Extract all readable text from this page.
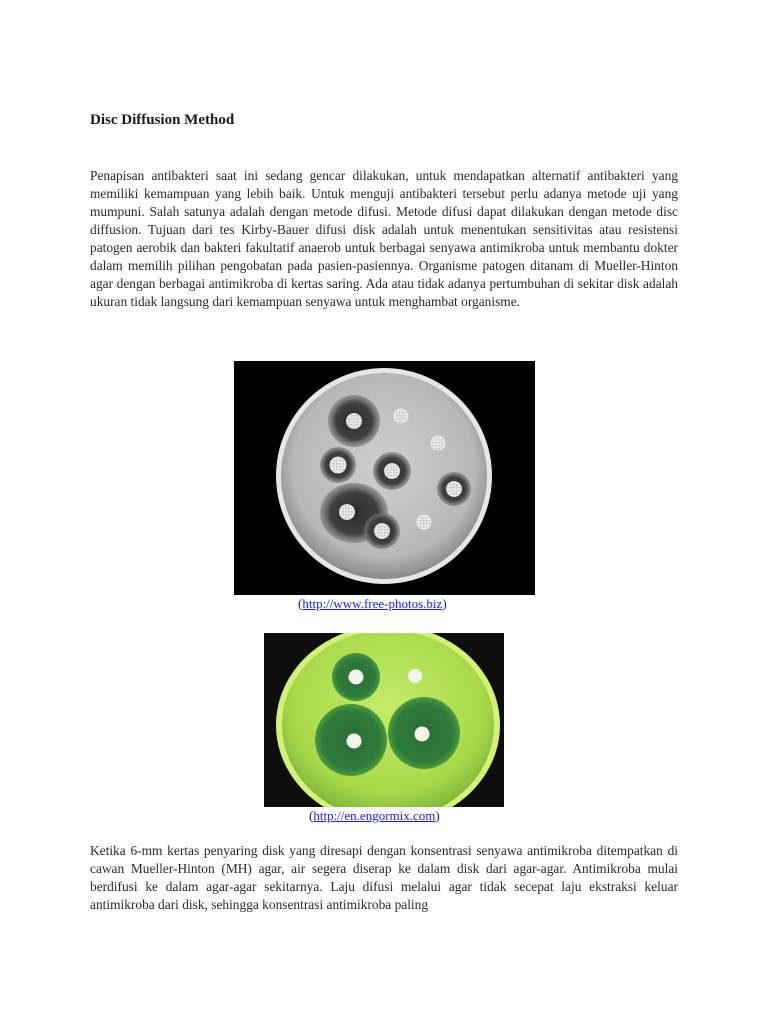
Disc Diffusion Method

Penapisan antibakteri saat ini sedang gencar dilakukan, untuk mendapatkan alternatif antibakteri yang memiliki kemampuan yang lebih baik. Untuk menguji antibakteri tersebut perlu adanya metode uji yang mumpuni. Salah satunya adalah dengan metode difusi. Metode difusi dapat dilakukan dengan metode disc diffusion. Tujuan dari tes Kirby-Bauer difusi disk adalah untuk menentukan sensitivitas atau resistensi patogen aerobik dan bakteri fakultatif anaerob untuk berbagai senyawa antimikroba untuk membantu dokter dalam memilih pilihan pengobatan pada pasien-pasiennya. Organisme patogen ditanam di Mueller-Hinton agar dengan berbagai antimikroba di kertas saring. Ada atau tidak adanya pertumbuhan di sekitar disk adalah ukuran tidak langsung dari kemampuan senyawa untuk menghambat organisme.

(http://www.free-photos.biz)
(http://en.engormix.com)

Ketika 6-mm kertas penyaring disk yang diresapi dengan konsentrasi senyawa antimikroba ditempatkan di cawan Mueller-Hinton (MH) agar, air segera diserap ke dalam disk dari agar-agar. Antimikroba mulai berdifusi ke dalam agar-agar sekitarnya. Laju difusi melalui agar tidak secepat laju ekstraksi keluar antimikroba dari disk, sehingga konsentrasi antimikroba paling
